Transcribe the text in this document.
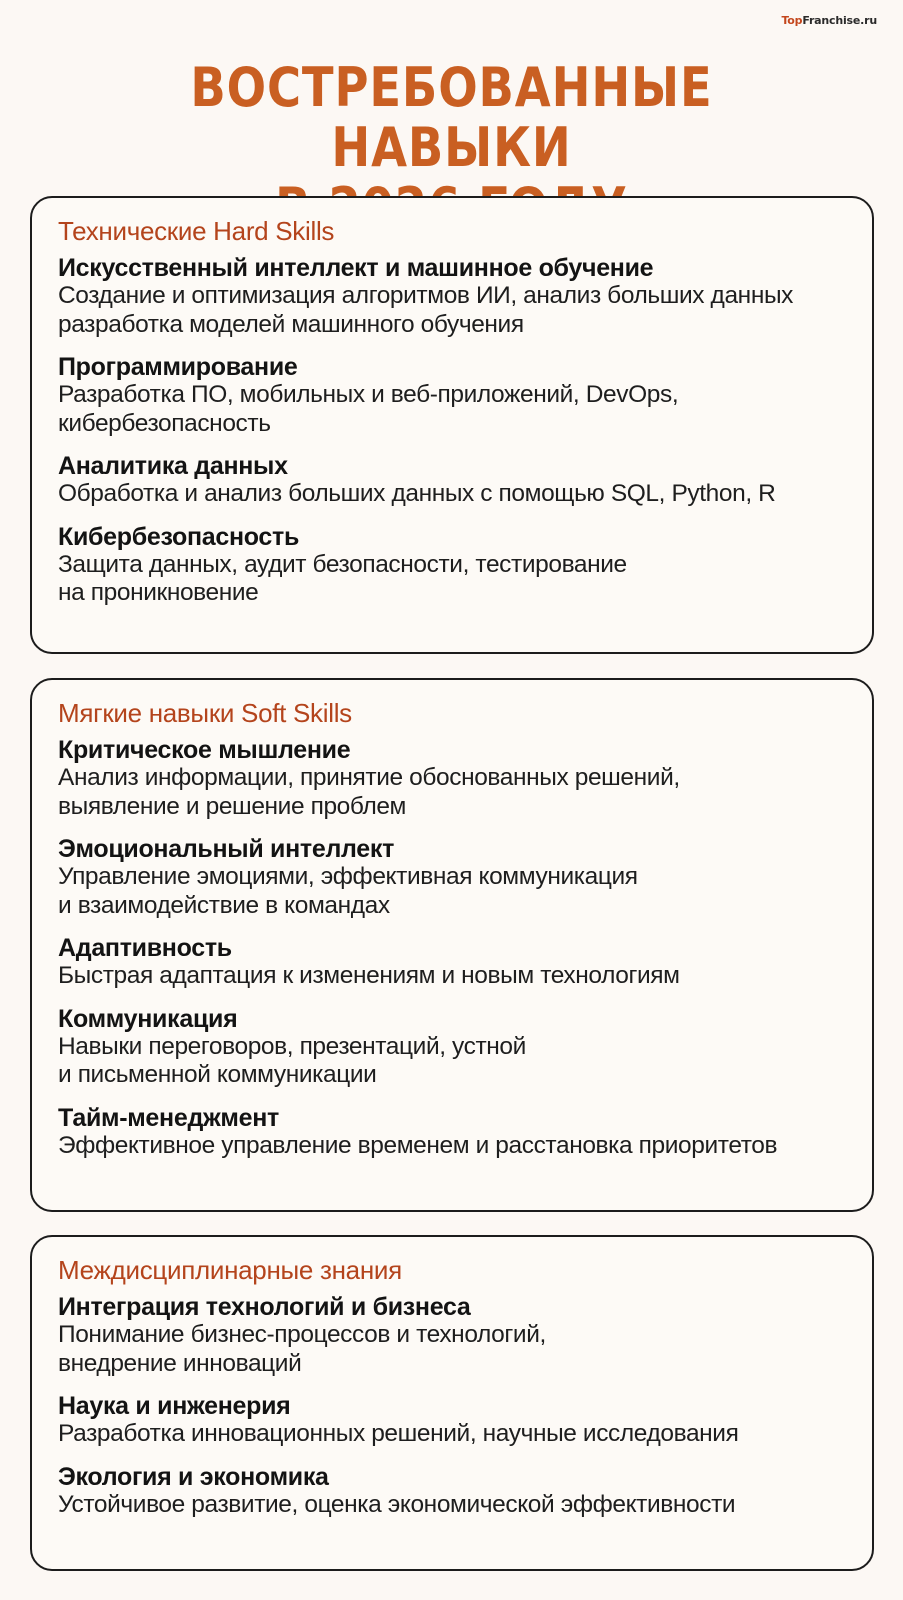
TopFranchise.ru
ВОСТРЕБОВАННЫЕ НАВЫКИ
Технические Hard Skills
Искусственный интеллект и машинное обучение
Создание и оптимизация алгоритмов ИИ, анализ больших данных
разработка моделей машинного обучения
Программирование
Разработка ПО, мобильных и веб-приложений, DevOps,
кибербезопасность
Аналитика данных
Обработка и анализ больших данных с помощью SQL, Python, R
Кибербезопасность
Защита данных, аудит безопасности, тестирование
на проникновение
Мягкие навыки Soft Skills
Критическое мышление
Анализ информации, принятие обоснованных решений,
выявление и решение проблем
Эмоциональный интеллект
Управление эмоциями, эффективная коммуникация
и взаимодействие в командах
Адаптивность
Быстрая адаптация к изменениям и новым технологиям
Коммуникация
Навыки переговоров, презентаций, устной
и письменной коммуникации
Тайм-менеджмент
Эффективное управление временем и расстановка приоритетов
Междисциплинарные знания
Интеграция технологий и бизнеса
Понимание бизнес-процессов и технологий,
внедрение инноваций
Наука и инженерия
Разработка инновационных решений, научные исследования
Экология и экономика
Устойчивое развитие, оценка экономической эффективности
